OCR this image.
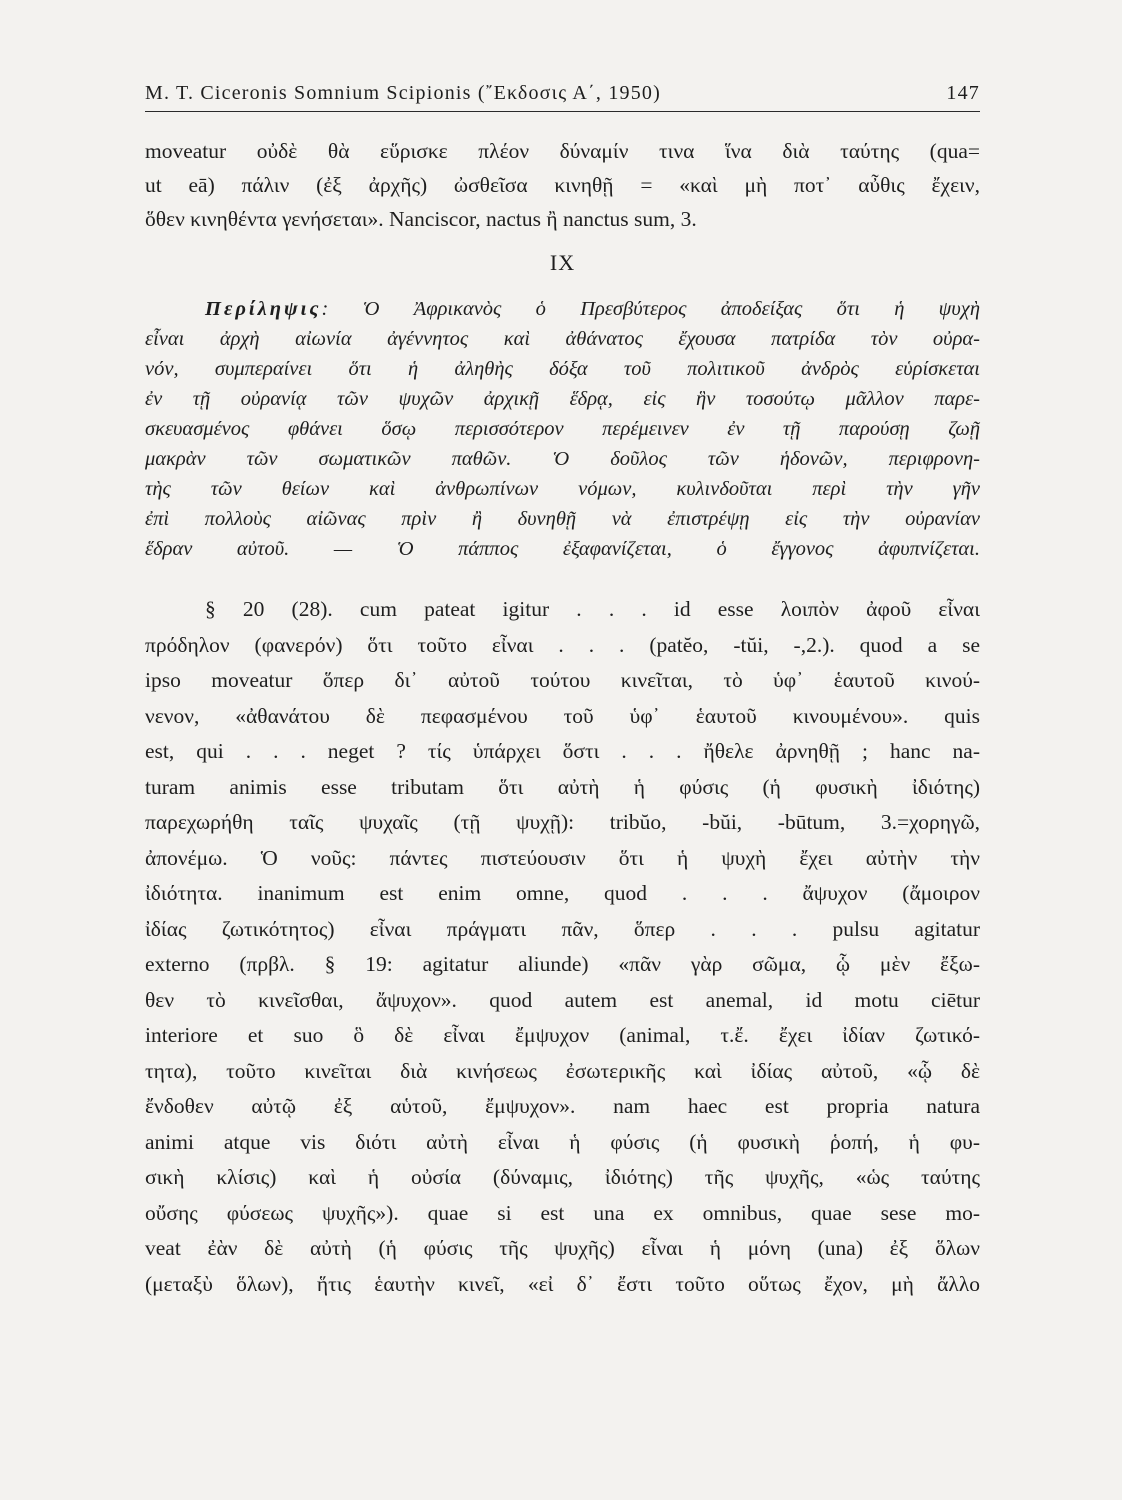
M. T. Ciceronis Somnium Scipionis (῎Εκδοσις Α΄, 1950)	147
moveatur οὐδὲ θὰ εὕρισκε πλέον δύναμίν τινα ἵνα διὰ ταύτης (qua=
ut eā) πάλιν (ἐξ ἀρχῆς) ὠσθεῖσα κινηθῇ = «καὶ μὴ ποτ᾽ αὖθις ἔχειν,
ὅθεν κινηθέντα γενήσεται». Nanciscor, nactus ἢ nanctus sum, 3.
IX
Περίληψις: Ὁ Ἀφρικανὸς ὁ Πρεσβύτερος ἀποδείξας ὅτι ἡ ψυχὴ
εἶναι ἀρχὴ αἰωνία ἀγέννητος καὶ ἀθάνατος ἔχουσα πατρίδα τὸν οὐρα-
νόν, συμπεραίνει ὅτι ἡ ἀληθὴς δόξα τοῦ πολιτικοῦ ἀνδρὸς εὑρίσκεται
ἐν τῇ οὐρανίᾳ τῶν ψυχῶν ἀρχικῇ ἕδρᾳ, εἰς ἣν τοσούτῳ μᾶλλον παρε-
σκευασμένος φθάνει ὅσῳ περισσότερον περέμεινεν ἐν τῇ παρούσῃ ζωῇ
μακρὰν τῶν σωματικῶν παθῶν. Ὁ δοῦλος τῶν ἡδονῶν, περιφρονη-
τὴς τῶν θείων καὶ ἀνθρωπίνων νόμων, κυλινδοῦται περὶ τὴν γῆν
ἐπὶ πολλοὺς αἰῶνας πρὶν ἢ δυνηθῇ νὰ ἐπιστρέψῃ εἰς τὴν οὐρανίαν
ἕδραν αὐτοῦ. — Ὁ πάππος ἐξαφανίζεται, ὁ ἔγγονος ἀφυπνίζεται.
§ 20 (28). cum pateat igitur . . . id esse λοιπὸν ἀφοῦ εἶναι
πρόδηλον (φανερόν) ὅτι τοῦτο εἶναι . . . (patĕo, -tŭi, -,2.). quod a se
ipso moveatur ὅπερ δι᾽ αὐτοῦ τούτου κινεῖται, τὸ ὑφ᾽ ἑαυτοῦ κινού-
νενον, «ἀθανάτου δὲ πεφασμένου τοῦ ὑφ᾽ ἑαυτοῦ κινουμένου». quis
est, qui . . . neget ? τίς ὑπάρχει ὅστι . . . ἤθελε ἀρνηθῇ ; hanc na-
turam animis esse tributam ὅτι αὐτὴ ἡ φύσις (ἡ φυσικὴ ἰδιότης)
παρεχωρήθη ταῖς ψυχαῖς (τῇ ψυχῇ): tribŭo, -bŭi, -būtum, 3.=χορηγῶ,
ἀπονέμω. Ὁ νοῦς: πάντες πιστεύουσιν ὅτι ἡ ψυχὴ ἔχει αὐτὴν τὴν
ἰδιότητα. inanimum est enim omne, quod . . . ἄψυχον (ἄμοιρον
ἰδίας ζωτικότητος) εἶναι πράγματι πᾶν, ὅπερ . . . pulsu agitatur
externo (πρβλ. § 19: agitatur aliunde) «πᾶν γὰρ σῶμα, ᾧ μὲν ἔξω-
θεν τὸ κινεῖσθαι, ἄψυχον». quod autem est anemal, id motu ciētur
interiore et suo ὃ δὲ εἶναι ἔμψυχον (animal, τ.ἔ. ἔχει ἰδίαν ζωτικό-
τητα), τοῦτο κινεῖται διὰ κινήσεως ἐσωτερικῆς καὶ ἰδίας αὐτοῦ, «ᾧ δὲ
ἔνδοθεν αὐτῷ ἐξ αὑτοῦ, ἔμψυχον». nam haec est propria natura
animi atque vis διότι αὐτὴ εἶναι ἡ φύσις (ἡ φυσικὴ ῥοπή, ἡ φυ-
σικὴ κλίσις) καὶ ἡ οὐσία (δύναμις, ἰδιότης) τῆς ψυχῆς, «ὡς ταύτης
οὔσης φύσεως ψυχῆς»). quae si est una ex omnibus, quae sese mo-
veat ἐὰν δὲ αὐτὴ (ἡ φύσις τῆς ψυχῆς) εἶναι ἡ μόνη (una) ἐξ ὅλων
(μεταξὺ ὅλων), ἥτις ἑαυτὴν κινεῖ, «εἰ δ᾽ ἔστι τοῦτο οὕτως ἔχον, μὴ ἄλλο
